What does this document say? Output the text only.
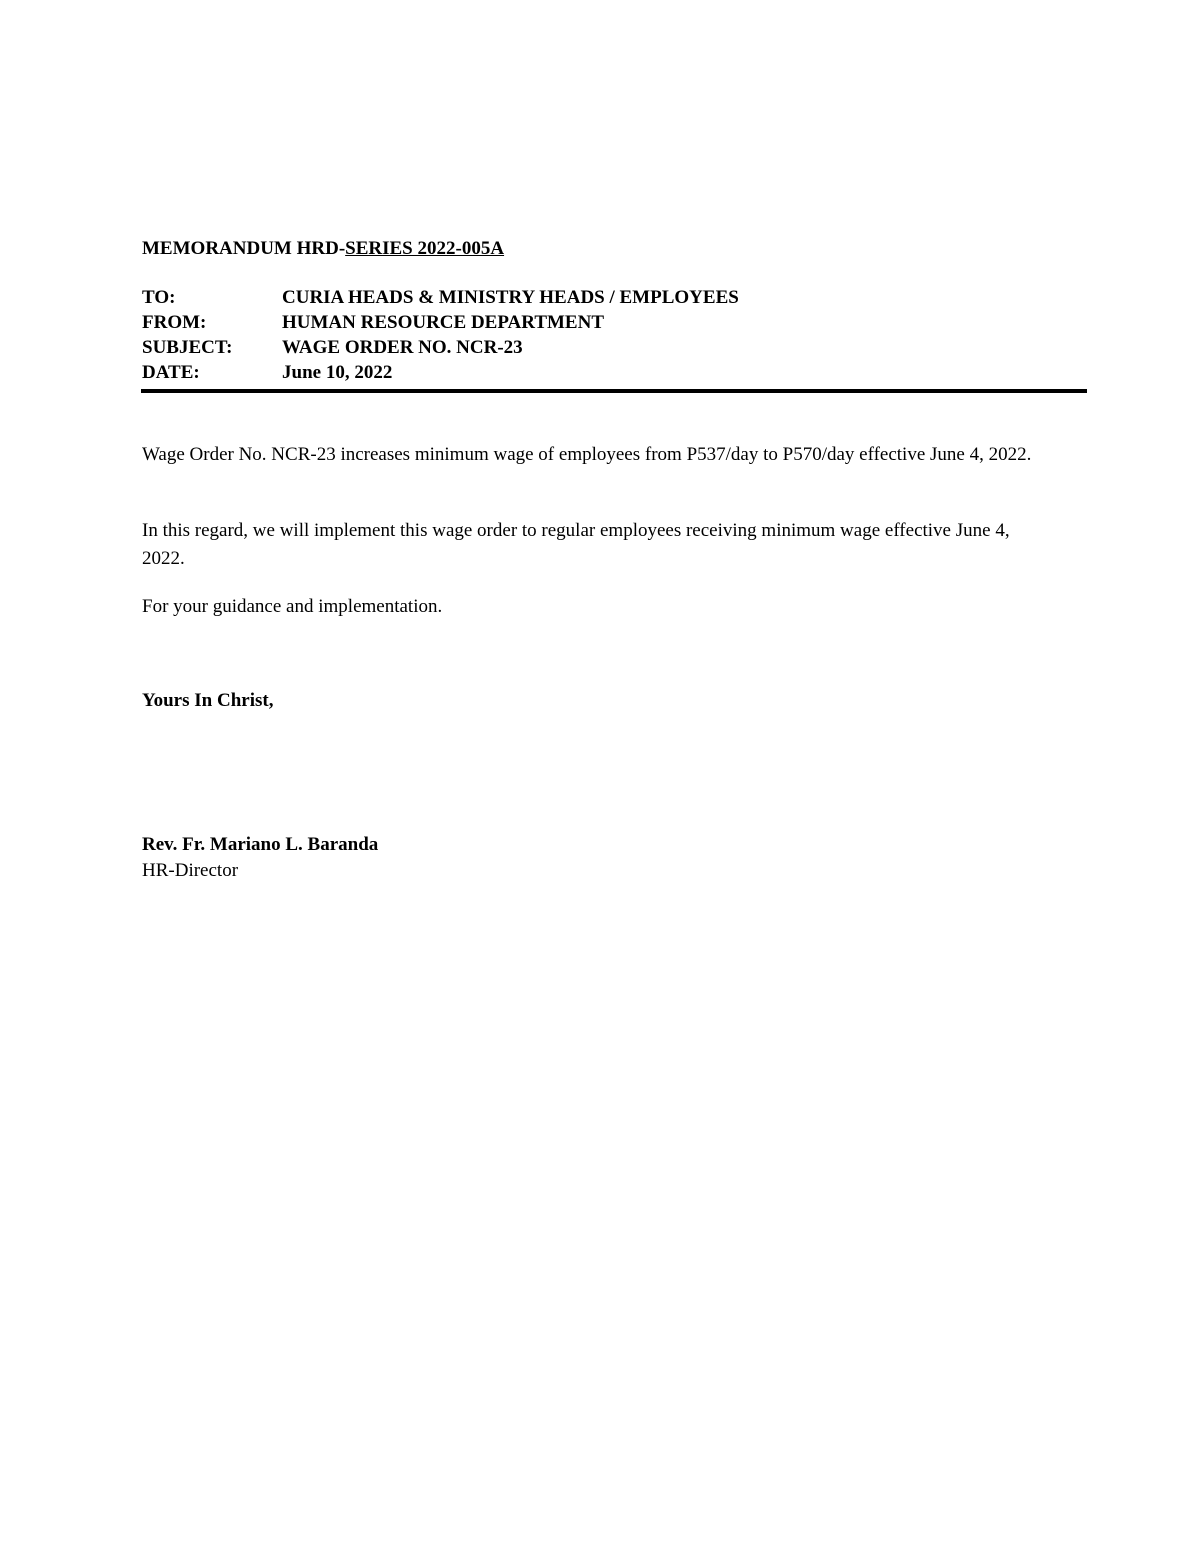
MEMORANDUM HRD-SERIES 2022-005A
TO:	CURIA HEADS & MINISTRY HEADS / EMPLOYEES
FROM:	HUMAN RESOURCE DEPARTMENT
SUBJECT:	WAGE ORDER NO. NCR-23
DATE:	June 10, 2022
Wage Order No. NCR-23 increases minimum wage of employees from P537/day to P570/day effective June 4, 2022.
In this regard, we will implement this wage order to regular employees receiving minimum wage effective June 4, 2022.
For your guidance and implementation.
Yours In Christ,
Rev. Fr. Mariano L. Baranda
HR-Director
